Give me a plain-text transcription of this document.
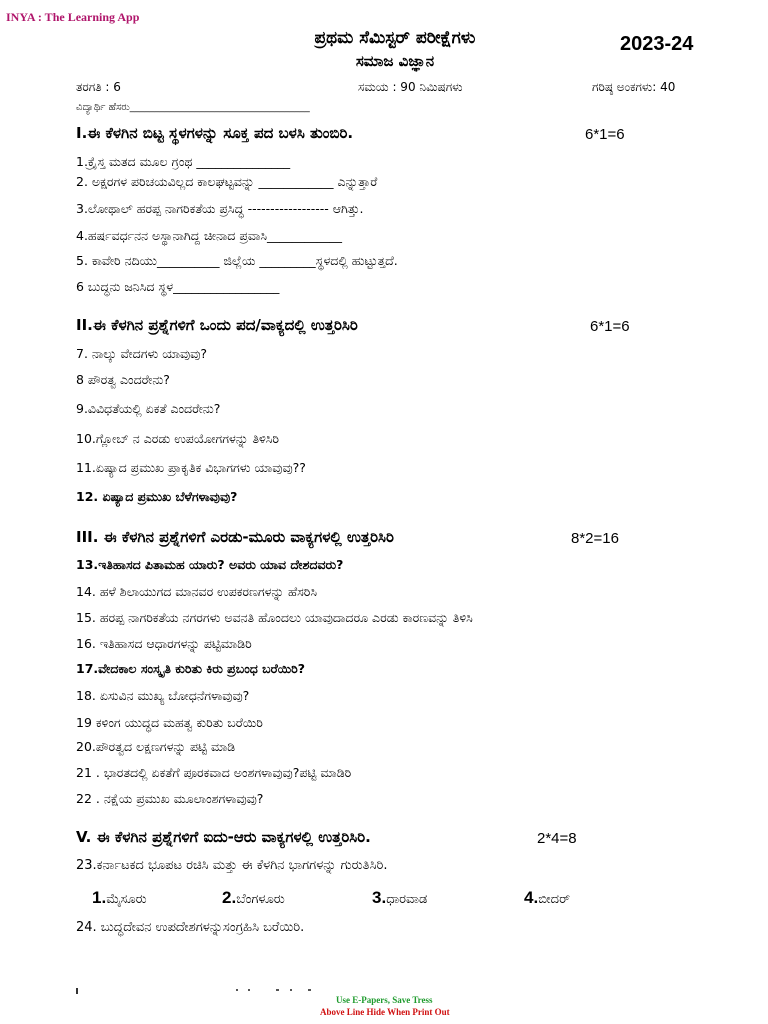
INYA : The Learning App
ಪ್ರಥಮ ಸೆಮಿಸ್ಟರ್ ಪರೀಕ್ಷೆಗಳು
ಸಮಾಜ ವಿಜ್ಞಾನ
2023-24
ತರಗತಿ : 6	ಸಮಯ : 90 ನಿಮಿಷಗಳು	ಗರಿಷ್ಠ ಅಂಕಗಳು: 40
ವಿದ್ಯಾರ್ಥಿ ಹೆಸರು____________________________________
I.ಈ ಕೆಳಗಿನ ಬಿಟ್ಟ ಸ್ಥಳಗಳನ್ನು ಸೂಕ್ತ ಪದ ಬಳಸಿ ತುಂಬಿರಿ.	6*1=6
1.ಕ್ರೈಸ್ತ ಮತದ ಮೂಲ ಗ್ರಂಥ _______________
2. ಅಕ್ಷರಗಳ ಪರಿಚಯವಿಲ್ಲದ ಕಾಲಘಟ್ಟವನ್ನು ____________ ಎನ್ನುತ್ತಾರೆ
3.ಲೋಥಾಲ್ ಹರಪ್ಪ ನಾಗರಿಕತೆಯ ಪ್ರಸಿದ್ಧ ------------------ ಆಗಿತ್ತು.
4.ಹರ್ಷವರ್ಧನನ ಅಸ್ಥಾನಾಗಿದ್ದ ಚೀನಾದ ಪ್ರವಾಸಿ____________
5. ಕಾವೇರಿ ನದಿಯು__________ ಜಿಲ್ಲೆಯ _________ಸ್ಥಳದಲ್ಲಿ ಹುಟ್ಟುತ್ತದೆ.
6 ಬುದ್ಧನು ಜನಿಸಿದ ಸ್ಥಳ_________________
II.ಈ ಕೆಳಗಿನ ಪ್ರಶ್ನೆಗಳಿಗೆ ಒಂದು ಪದ/ವಾಕ್ಯದಲ್ಲಿ ಉತ್ತರಿಸಿರಿ	6*1=6
7. ನಾಲ್ಕು ವೇದಗಳು ಯಾವುವು?
8 ಪೌರತ್ವ ಎಂದರೇನು?
9.ವಿವಿಧತೆಯಲ್ಲಿ ಏಕತೆ ಎಂದರೇನು?
10.ಗ್ಲೋಬ್ ನ ಎರಡು ಉಪಯೋಗಗಳನ್ನು ತಿಳಿಸಿರಿ
11.ಏಷ್ಯಾದ ಪ್ರಮುಖ ಪ್ರಾಕೃತಿಕ ವಿಭಾಗಗಳು ಯಾವುವು??
12. ಏಷ್ಯಾದ ಪ್ರಮುಖ ಬೆಳೆಗಳಾವುವು?
III. ಈ ಕೆಳಗಿನ ಪ್ರಶ್ನೆಗಳಿಗೆ ಎರಡು-ಮೂರು ವಾಕ್ಯಗಳಲ್ಲಿ ಉತ್ತರಿಸಿರಿ	8*2=16
13.ಇತಿಹಾಸದ ಪಿತಾಮಹ ಯಾರು? ಅವರು ಯಾವ ದೇಶದವರು?
14. ಹಳೆ ಶಿಲಾಯುಗದ ಮಾನವರ ಉಪಕರಣಗಳನ್ನು ಹೆಸರಿಸಿ
15. ಹರಪ್ಪ ನಾಗರಿಕತೆಯ ನಗರಗಳು ಅವನತಿ ಹೊಂದಲು ಯಾವುದಾದರೂ ಎರಡು ಕಾರಣವನ್ನು ತಿಳಿಸಿ
16. ಇತಿಹಾಸದ ಆಧಾರಗಳನ್ನು ಪಟ್ಟಿಮಾಡಿರಿ
17.ವೇದಕಾಲ ಸಂಸ್ಕೃತಿ ಕುರಿತು ಕಿರು ಪ್ರಬಂಧ ಬರೆಯಿರಿ?
18. ಏಸುವಿನ ಮುಖ್ಯ ಬೋಧನೆಗಳಾವುವು?
19 ಕಳಿಂಗ ಯುದ್ಧದ ಮಹತ್ವ ಕುರಿತು ಬರೆಯಿರಿ
20.ಪೌರತ್ವದ ಲಕ್ಷಣಗಳನ್ನು ಪಟ್ಟಿ ಮಾಡಿ
21 . ಭಾರತದಲ್ಲಿ ಏಕತೆಗೆ ಪೂರಕವಾದ ಅಂಶಗಳಾವುವು?ಪಟ್ಟಿ ಮಾಡಿರಿ
22 . ನಕ್ಷೆಯ ಪ್ರಮುಖ ಮೂಲಾಂಶಗಳಾವುವು?
V. ಈ ಕೆಳಗಿನ ಪ್ರಶ್ನೆಗಳಿಗೆ ಐದು-ಆರು ವಾಕ್ಯಗಳಲ್ಲಿ ಉತ್ತರಿಸಿರಿ.	2*4=8
23.ಕರ್ನಾಟಕದ ಭೂಪಟ ರಚಿಸಿ ಮತ್ತು ಈ ಕೆಳಗಿನ ಭಾಗಗಳನ್ನು ಗುರುತಿಸಿರಿ.
1.ಮೈಸೂರು	2.ಬೆಂಗಳೂರು	3.ಧಾರವಾಡ	4.ಬೀದರ್
24. ಬುದ್ಧದೇವನ ಉಪದೇಶಗಳನ್ನುಸಂಗ್ರಹಿಸಿ ಬರೆಯಿರಿ.
Use E-Papers, Save Tress
Above Line Hide When Print Out
